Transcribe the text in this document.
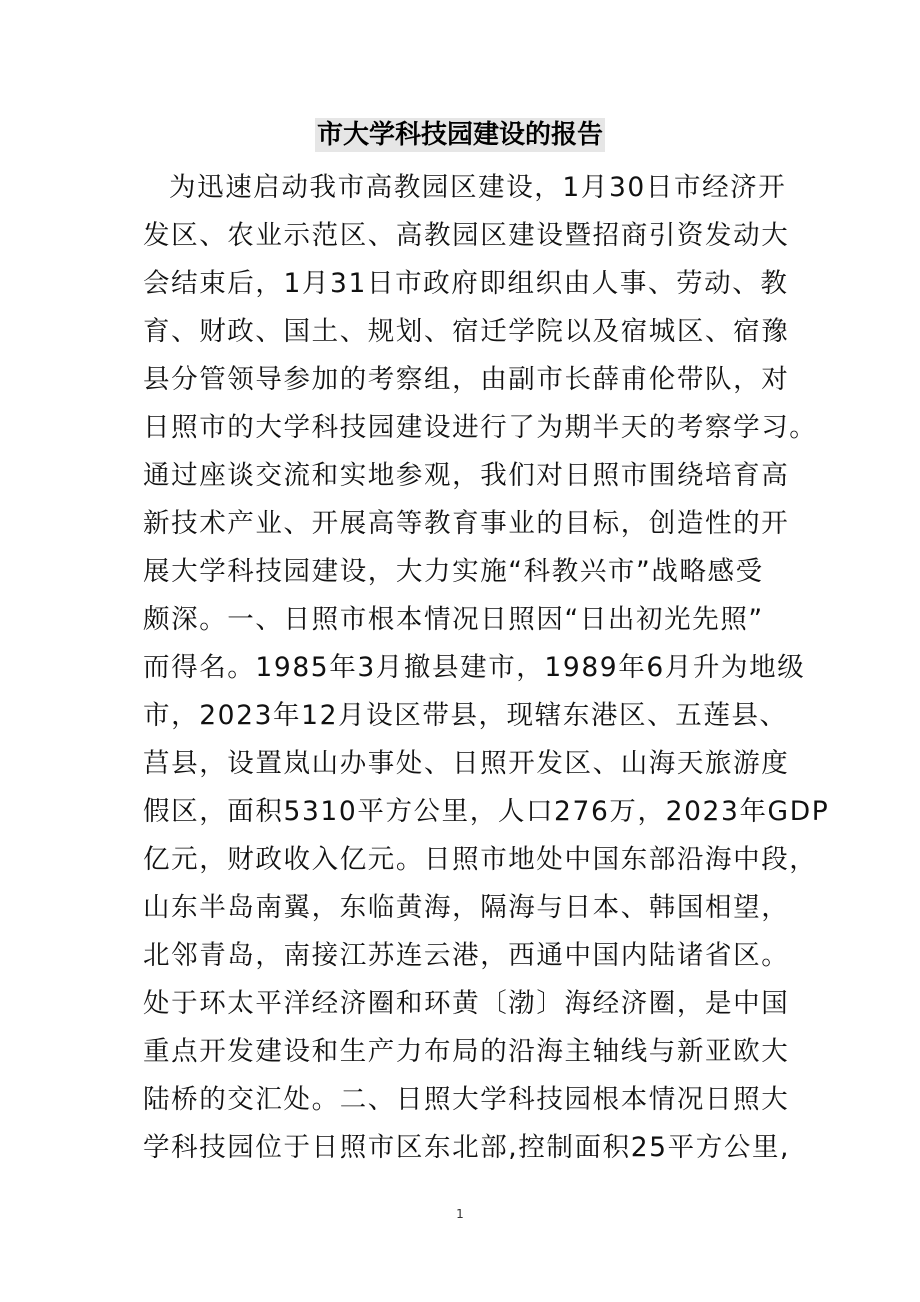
市大学科技园建设的报告
为迅速启动我市高教园区建设，1月30日市经济开
发区、农业示范区、高教园区建设暨招商引资发动大
会结束后，1月31日市政府即组织由人事、劳动、教
育、财政、国土、规划、宿迁学院以及宿城区、宿豫
县分管领导参加的考察组，由副市长薛甫伦带队，对
日照市的大学科技园建设进行了为期半天的考察学习。
通过座谈交流和实地参观，我们对日照市围绕培育高
新技术产业、开展高等教育事业的目标，创造性的开
展大学科技园建设，大力实施“科教兴市”战略感受
颇深。一、日照市根本情况日照因“日出初光先照”
而得名。1985年3月撤县建市，1989年6月升为地级
市，2023年12月设区带县，现辖东港区、五莲县、
莒县，设置岚山办事处、日照开发区、山海天旅游度
假区，面积5310平方公里，人口276万，2023年GDP
亿元，财政收入亿元。日照市地处中国东部沿海中段，
山东半岛南翼，东临黄海，隔海与日本、韩国相望，
北邻青岛，南接江苏连云港，西通中国内陆诸省区。
处于环太平洋经济圈和环黄〔渤〕海经济圈，是中国
重点开发建设和生产力布局的沿海主轴线与新亚欧大
陆桥的交汇处。二、日照大学科技园根本情况日照大
学科技园位于日照市区东北部,控制面积25平方公里,
1
